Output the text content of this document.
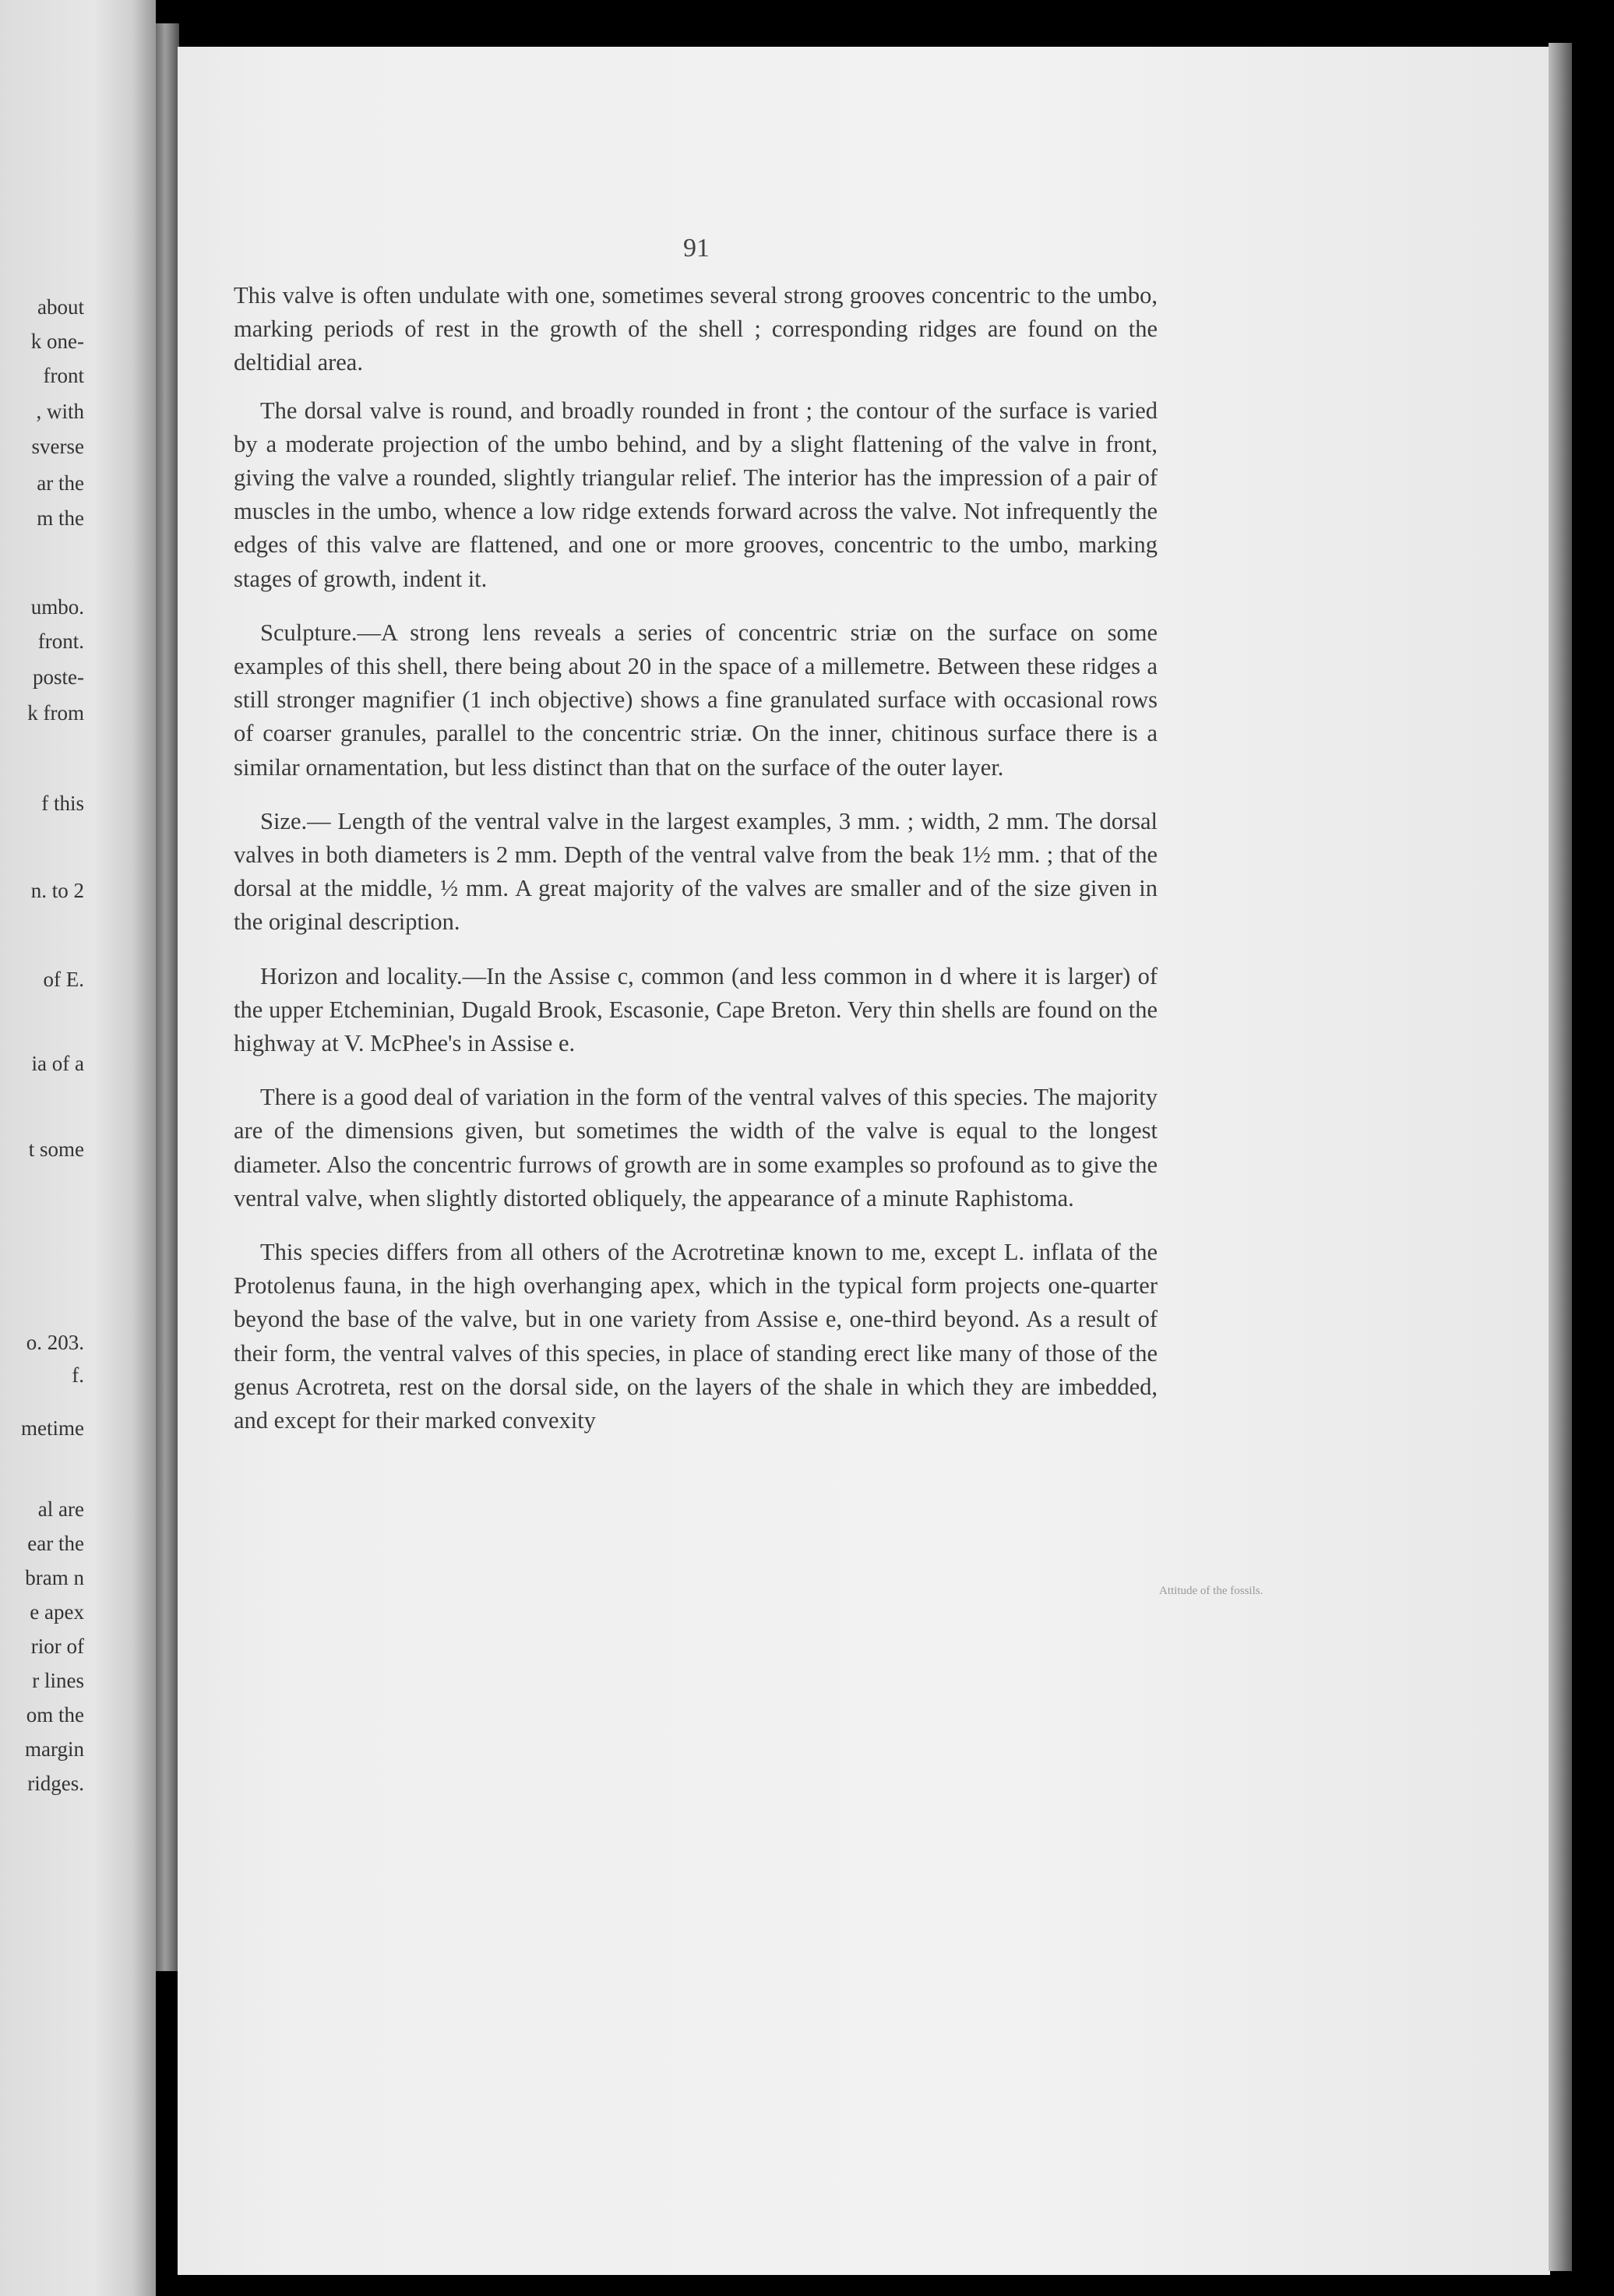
about
k one-
front
, with
sverse
ar the
m the
umbo.
front.
poste-
k from
f this
n. to 2
of E.
ia of a
t some
o. 203.
f.
metime
al are
ear the
bram n
e apex
rior of
r lines
om the
margin
ridges.
91

This valve is often undulate with one, sometimes several strong grooves concentric to the umbo, marking periods of rest in the growth of the shell ; corresponding ridges are found on the deltidial area.

The dorsal valve is round, and broadly rounded in front ; the contour of the surface is varied by a moderate projection of the umbo behind, and by a slight flattening of the valve in front, giving the valve a rounded, slightly triangular relief. The interior has the impression of a pair of muscles in the umbo, whence a low ridge extends forward across the valve. Not infrequently the edges of this valve are flattened, and one or more grooves, concentric to the umbo, marking stages of growth, indent it.

Sculpture.—A strong lens reveals a series of concentric striæ on the surface on some examples of this shell, there being about 20 in the space of a millemetre. Between these ridges a still stronger magnifier (1 inch objective) shows a fine granulated surface with occasional rows of coarser granules, parallel to the concentric striæ. On the inner, chitinous surface there is a similar ornamentation, but less distinct than that on the surface of the outer layer.

Size.— Length of the ventral valve in the largest examples, 3 mm. ; width, 2 mm. The dorsal valves in both diameters is 2 mm. Depth of the ventral valve from the beak 1½ mm. ; that of the dorsal at the middle, ½ mm. A great majority of the valves are smaller and of the size given in the original description.

Horizon and locality.—In the Assise c, common (and less common in d where it is larger) of the upper Etcheminian, Dugald Brook, Escasonie, Cape Breton. Very thin shells are found on the highway at V. McPhee's in Assise e.

There is a good deal of variation in the form of the ventral valves of this species. The majority are of the dimensions given, but sometimes the width of the valve is equal to the longest diameter. Also the concentric furrows of growth are in some examples so profound as to give the ventral valve, when slightly distorted obliquely, the appearance of a minute Raphistoma.

This species differs from all others of the Acrotretinæ known to me, except L. inflata of the Protolenus fauna, in the high overhanging apex, which in the typical form projects one-quarter beyond the base of the valve, but in one variety from Assise e, one-third beyond. As a result of their form, the ventral valves of this species, in place of standing erect like many of those of the genus Acrotreta, rest on the dorsal side, on the layers of the shale in which they are imbedded, and except for their marked convexity

Attitude of the fossils.
